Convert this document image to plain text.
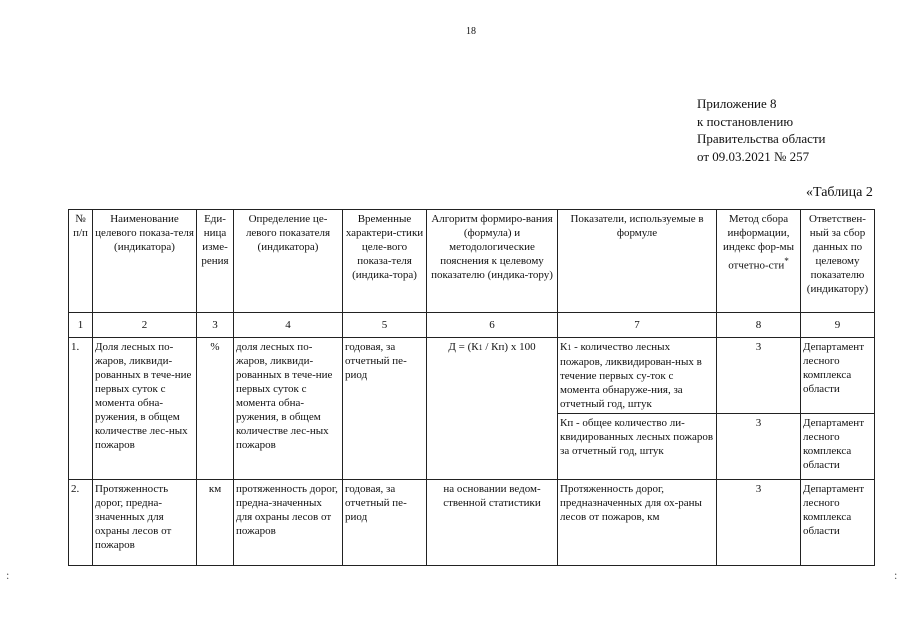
18
Приложение 8
к постановлению
Правительства области
от 09.03.2021 № 257
«Таблица 2
№ п/п	Наименование целевого показа-теля (индикатора)	Еди-ница изме-рения	Определение це-левого показателя (индикатора)	Временные характери-стики целе-вого показа-теля (индика-тора)	Алгоритм формиро-вания (формула) и методологические пояснения к целевому показателю (индика-тору)	Показатели, используемые в формуле	Метод сбора информации, индекс фор-мы отчетно-сти*	Ответствен-ный за сбор данных по целевому показателю (индикатору)
1	2	3	4	5	6	7	8	9
1.	Доля лесных по-жаров, ликвиди-рованных в тече-ние первых суток с момента обна-ружения, в общем количестве лес-ных пожаров	%	доля лесных по-жаров, ликвиди-рованных в тече-ние первых суток с момента обна-ружения, в общем количестве лес-ных пожаров	годовая, за отчетный пе-риод	Д = (К1 / Кп) х 100	К1 - количество лесных пожаров, ликвидирован-ных в течение первых су-ток с момента обнаруже-ния, за отчетный год, штук	3	Департамент лесного комплекса области
						Кп - общее количество ли-квидированных лесных пожаров за отчетный год, штук	3	Департамент лесного комплекса области
2.	Протяженность дорог, предна-значенных для охраны лесов от пожаров	км	протяженность дорог, предна-значенных для охраны лесов от пожаров	годовая, за отчетный пе-риод	на основании ведом-ственной статистики	Протяженность дорог, предназначенных для ох-раны лесов от пожаров, км	3	Департамент лесного комплекса области
:	:
